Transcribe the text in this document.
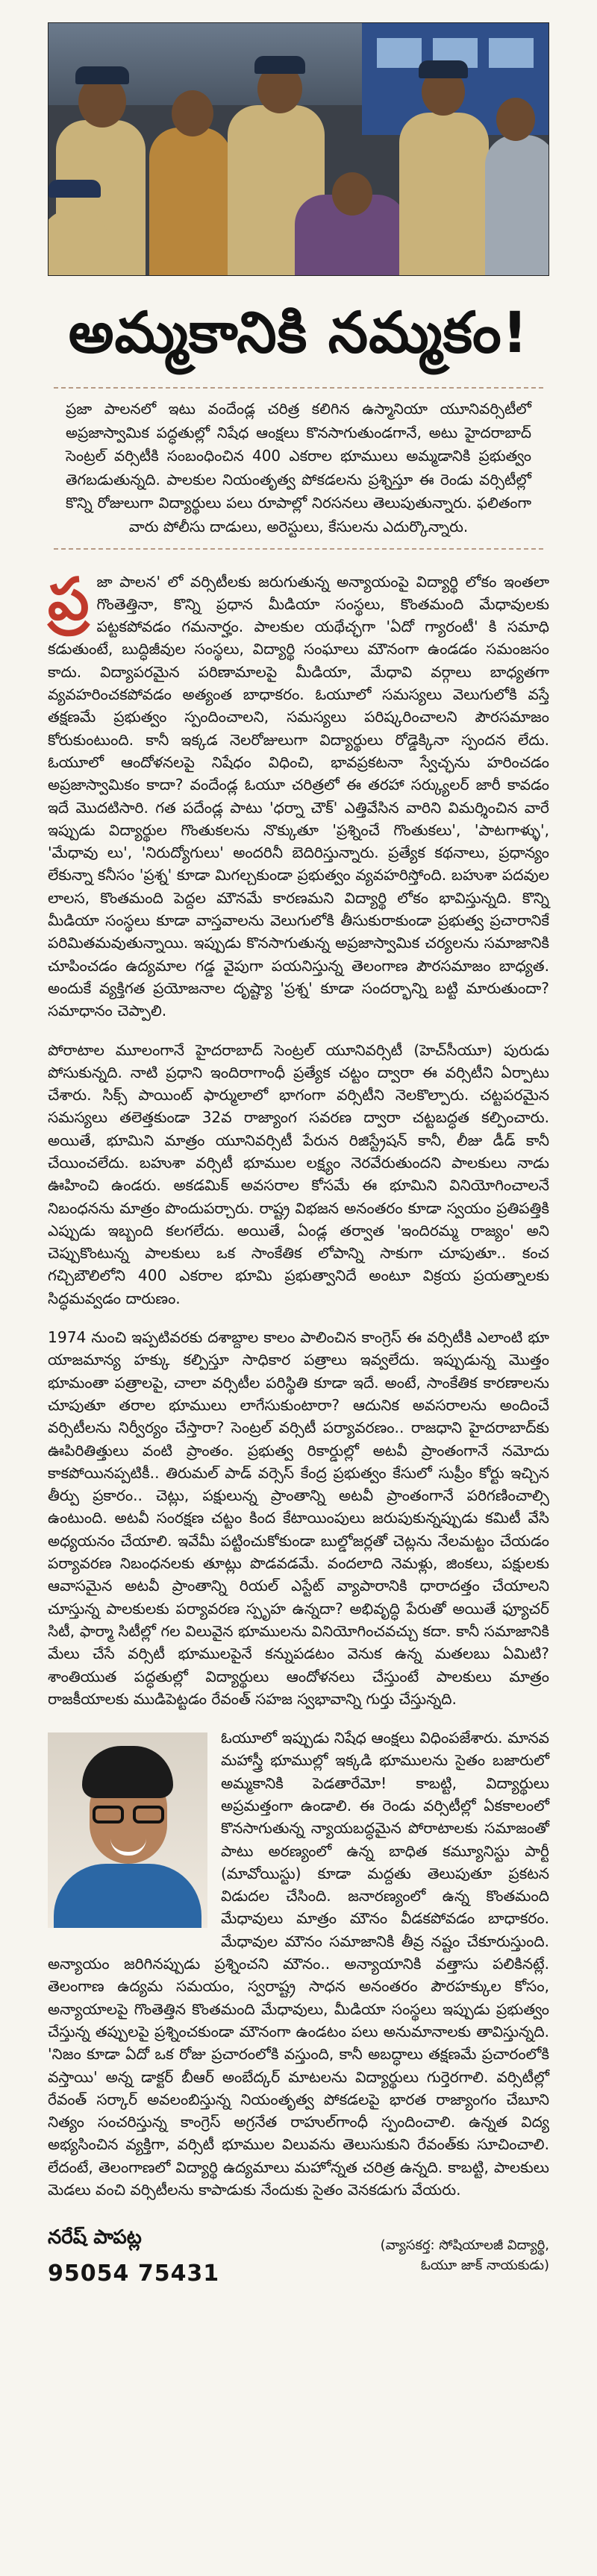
అమ్మకానికి నమ్మకం!
ప్రజా పాలనలో ఇటు వందేండ్ల చరిత్ర కలిగిన ఉస్మానియా యూనివర్సిటీలో అప్రజాస్వామిక పద్ధతుల్లో నిషేధ ఆంక్షలు కొనసాగుతుండగానే, అటు హైదరాబాద్ సెంట్రల్ వర్సిటీకి సంబంధించిన 400 ఎకరాల భూములు అమ్మడానికి ప్రభుత్వం తెగబడుతున్నది. పాలకుల నియంతృత్వ పోకడలను ప్రశ్నిస్తూ ఈ రెండు వర్సిటీల్లో కొన్ని రోజులుగా విద్యార్థులు పలు రూపాల్లో నిరసనలు తెలుపుతున్నారు. ఫలితంగా వారు పోలీసు దాడులు, అరెస్టులు, కేసులను ఎదుర్కొన్నారు.

ప్ర జా పాలన' లో వర్సిటీలకు జరుగుతున్న అన్యాయంపై విద్యార్థి లోకం ఇంతలా గొంతెత్తినా, కొన్ని ప్రధాన మీడియా సంస్థలు, కొంతమంది మేధావులకు పట్టకపోవడం గమనార్హం. పాలకుల యథేచ్ఛగా 'ఏదో గ్యారంటీ' కి సమాధి కడుతుంటే, బుద్ధిజీవుల సంస్థలు, విద్యార్థి సంఘాలు మౌనంగా ఉండడం సమంజసం కాదు. విద్యాపరమైన పరిణామాలపై మీడియా, మేధావి వర్గాలు బాధ్యతగా వ్యవహరించకపోవడం అత్యంత బాధాకరం. ఓయూలో సమస్యలు వెలుగులోకి వస్తే తక్షణమే ప్రభుత్వం స్పందించాలని, సమస్యలు పరిష్కరించాలని పౌరసమాజం కోరుకుంటుంది. కానీ ఇక్కడ నెలరోజులుగా విద్యార్థులు రోడ్డెక్కినా స్పందన లేదు. ఓయూలో ఆందోళనలపై నిషేధం విధించి, భావప్రకటనా స్వేచ్ఛను హరించడం అప్రజాస్వామికం కాదా? వందేండ్ల ఓయూ చరిత్రలో ఈ తరహా సర్క్యులర్ జారీ కావడం ఇదే మొదటిసారి. గత పదేండ్ల పాటు 'ధర్నా చౌక్' ఎత్తివేసిన వారిని విమర్శించిన వారే ఇప్పుడు విద్యార్థుల గొంతుకలను నొక్కుతూ 'ప్రశ్నించే గొంతుకలు', 'పాటగాళ్ళు', 'మేధావు లు', 'నిరుద్యోగులు' అందరినీ బెదిరిస్తున్నారు. ప్రత్యేక కథనాలు, ప్రధాన్యం లేకున్నా కనీసం 'ప్రశ్న' కూడా మిగల్చకుండా ప్రభుత్వం వ్యవహరిస్తోంది. బహుశా పదవుల లాలస, కొంతమంది పెద్దల మౌనమే కారణమని విద్యార్థి లోకం భావిస్తున్నది. కొన్ని మీడియా సంస్థలు కూడా వాస్తవాలను వెలుగులోకి తీసుకురాకుండా ప్రభుత్వ ప్రచారానికే పరిమితమవుతున్నాయి. ఇప్పుడు కొనసాగుతున్న అప్రజాస్వామిక చర్యలను సమాజానికి చూపించడం ఉద్యమాల గడ్డ వైపుగా పయనిస్తున్న తెలంగాణ పౌరసమాజం బాధ్యత. అందుకే వ్యక్తిగత ప్రయోజనాల దృష్ట్యా 'ప్రశ్న' కూడా సందర్భాన్ని బట్టి మారుతుందా? సమాధానం చెప్పాలి.

పోరాటాల మూలంగానే హైదరాబాద్ సెంట్రల్ యూనివర్సిటీ (హెచ్‌సీయూ) పురుడు పోసుకున్నది. నాటి ప్రధాని ఇందిరాగాంధీ ప్రత్యేక చట్టం ద్వారా ఈ వర్సిటీని ఏర్పాటు చేశారు. సిక్స్ పాయింట్ ఫార్ములాలో భాగంగా వర్సిటీని నెలకొల్పారు. చట్టపరమైన సమస్యలు తలెత్తకుండా 32వ రాజ్యాంగ సవరణ ద్వారా చట్టబద్ధత కల్పించారు. అయితే, భూమిని మాత్రం యూనివర్సిటీ పేరున రిజిస్ట్రేషన్ కానీ, లీజు డీడ్ కానీ చేయించలేదు. బహుశా వర్సిటీ భూముల లక్ష్యం నెరవేరుతుందని పాలకులు నాడు ఊహించి ఉండరు. అకడమిక్ అవసరాల కోసమే ఈ భూమిని వినియోగించాలనే నిబంధనను మాత్రం పొందుపర్చారు. రాష్ట్ర విభజన అనంతరం కూడా స్వయం ప్రతిపత్తికి ఎప్పుడు ఇబ్బంది కలగలేదు. అయితే, ఏండ్ల తర్వాత 'ఇందిరమ్మ రాజ్యం' అని చెప్పుకొంటున్న పాలకులు ఒక సాంకేతిక లోపాన్ని సాకుగా చూపుతూ.. కంచ గచ్చిబౌలిలోని 400 ఎకరాల భూమి ప్రభుత్వానిదే అంటూ విక్రయ ప్రయత్నాలకు సిద్ధమవ్వడం దారుణం.

1974 నుంచి ఇప్పటివరకు దశాబ్దాల కాలం పాలించిన కాంగ్రెస్ ఈ వర్సిటీకి ఎలాంటి భూ యాజమాన్య హక్కు కల్పిస్తూ సాధికార పత్రాలు ఇవ్వలేదు. ఇప్పుడున్న మొత్తం భూమంతా పత్రాలపై, చాలా వర్సిటీల పరిస్థితి కూడా ఇదే. అంటే, సాంకేతిక కారణాలను చూపుతూ తరాల భూములు లాగేసుకుంటారా? ఆదునిక అవసరాలను అందించే వర్సిటీలను నిర్వీర్యం చేస్తారా? సెంట్రల్ వర్సిటీ పర్యావరణం.. రాజధాని హైదరాబాద్‌కు ఊపిరితిత్తులు వంటి ప్రాంతం. ప్రభుత్వ రికార్డుల్లో అటవీ ప్రాంతంగానే నమోదు కాకపోయినప్పటికీ.. తిరుమల్ పాడ్ వర్సెస్ కేంద్ర ప్రభుత్వం కేసులో సుప్రీం కోర్టు ఇచ్చిన తీర్పు ప్రకారం.. చెట్లు, పక్షులున్న ప్రాంతాన్ని అటవీ ప్రాంతంగానే పరిగణించాల్సి ఉంటుంది. అటవీ సంరక్షణ చట్టం కింద కేటాయింపులు జరుపుకున్నప్పుడు కమిటీ వేసి అధ్యయనం చేయాలి. ఇవేమీ పట్టించుకోకుండా బుల్డోజర్లతో చెట్లను నేలమట్టం చేయడం పర్యావరణ నిబంధనలకు తూట్లు పొడవడమే. వందలాది నెమళ్లు, జింకలు, పక్షులకు ఆవాసమైన అటవీ ప్రాంతాన్ని రియల్ ఎస్టేట్ వ్యాపారానికి ధారాదత్తం చేయాలని చూస్తున్న పాలకులకు పర్యావరణ స్పృహ ఉన్నదా? అభివృద్ధి పేరుతో అయితే ఫ్యూచర్ సిటీ, ఫార్మా సిటీల్లో గల విలువైన భూములను వినియోగించవచ్చు కదా. కానీ సమాజానికి మేలు చేసే వర్సిటీ భూములపైనే కన్నుపడటం వెనుక ఉన్న మతలబు ఏమిటి? శాంతియుత పద్ధతుల్లో విద్యార్థులు ఆందోళనలు చేస్తుంటే పాలకులు మాత్రం రాజకీయాలకు ముడిపెట్టడం రేవంత్ సహజ స్వభావాన్ని గుర్తు చేస్తున్నది.

ఓయూలో ఇప్పుడు నిషేధ ఆంక్షలు విధింపజేశారు. మానవ మహాస్త్రీ భూముల్లో ఇక్కడి భూములను సైతం బజారులో అమ్మకానికి పెడతారేమో! కాబట్టి, విద్యార్థులు అప్రమత్తంగా ఉండాలి. ఈ రెండు వర్సిటీల్లో ఏకకాలంలో కొనసాగుతున్న న్యాయబద్ధమైన పోరాటాలకు సమాజంతో పాటు అరణ్యంలో ఉన్న బాధిత కమ్యూనిస్టు పార్టీ (మావోయిస్టు) కూడా మద్దతు తెలుపుతూ ప్రకటన విడుదల చేసింది. జనారణ్యంలో ఉన్న కొంతమంది మేధావులు మాత్రం మౌనం వీడకపోవడం బాధాకరం. మేధావుల మౌనం సమాజానికి తీవ్ర నష్టం చేకూరుస్తుంది. అన్యాయం జరిగినప్పుడు ప్రశ్నించని మౌనం.. అన్యాయానికి వత్తాసు పలికినట్లే. తెలంగాణ ఉద్యమ సమయం, స్వరాష్ట్ర సాధన అనంతరం పౌరహక్కుల కోసం, అన్యాయాలపై గొంతెత్తిన కొంతమంది మేధావులు, మీడియా సంస్థలు ఇప్పుడు ప్రభుత్వం చేస్తున్న తప్పులపై ప్రశ్నించకుండా మౌనంగా ఉండటం పలు అనుమానాలకు తావిస్తున్నది. 'నిజం కూడా ఏదో ఒక రోజు ప్రచారంలోకి వస్తుంది, కానీ అబద్ధాలు తక్షణమే ప్రచారంలోకి వస్తాయి' అన్న డాక్టర్ బీఆర్ అంబేద్కర్ మాటలను విద్యార్థులు గుర్తెరగాలి. వర్సిటీల్లో రేవంత్ సర్కార్ అవలంబిస్తున్న నియంతృత్వ పోకడలపై భారత రాజ్యాంగం చేబూని నిత్యం సంచరిస్తున్న కాంగ్రెస్ అగ్రనేత రాహుల్‌గాంధీ స్పందించాలి. ఉన్నత విద్య అభ్యసించిన వ్యక్తిగా, వర్సిటీ భూముల విలువను తెలుసుకుని రేవంత్‌కు సూచించాలి. లేదంటే, తెలంగాణలో విద్యార్థి ఉద్యమాలు మహోన్నత చరిత్ర ఉన్నది. కాబట్టి, పాలకులు మెడలు వంచి వర్సిటీలను కాపాడుకు నేందుకు సైతం వెనకడుగు వేయరు.

నరేష్ పాపట్ల
95054 75431
(వ్యాసకర్త: సోషియాలజీ విద్యార్థి,
ఓయూ జాక్ నాయకుడు)
